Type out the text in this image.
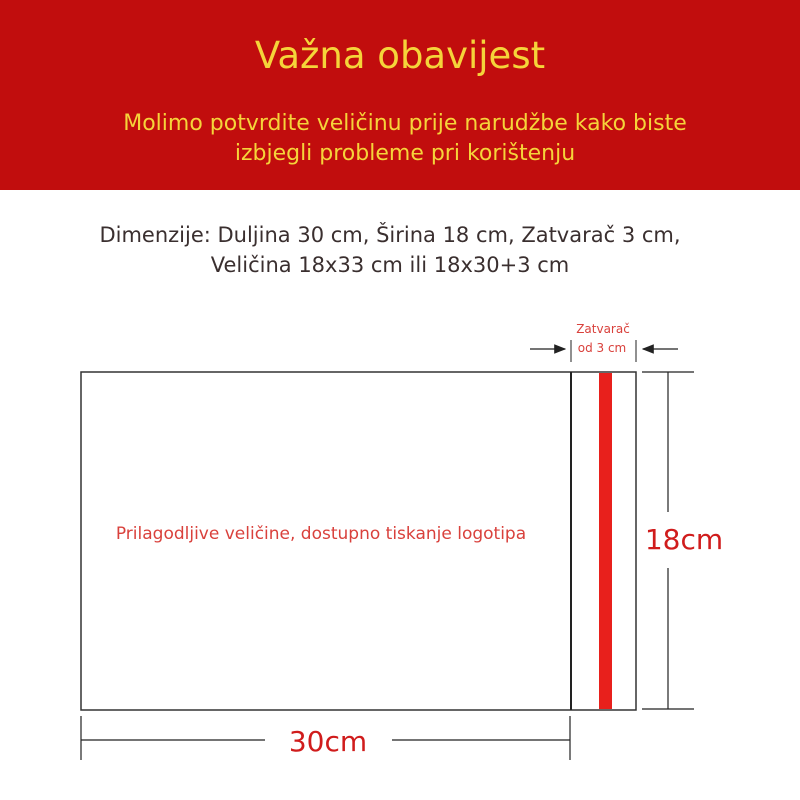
Važna obavijest
Molimo potvrdite veličinu prije narudžbe kako biste izbjegli probleme pri korištenju
Dimenzije: Duljina 30 cm, Širina 18 cm, Zatvarač 3 cm,
Veličina 18x33 cm ili 18x30+3 cm
Zatvarač
od 3 cm
Prilagodljive veličine, dostupno tiskanje logotipa	18cm
30cm
